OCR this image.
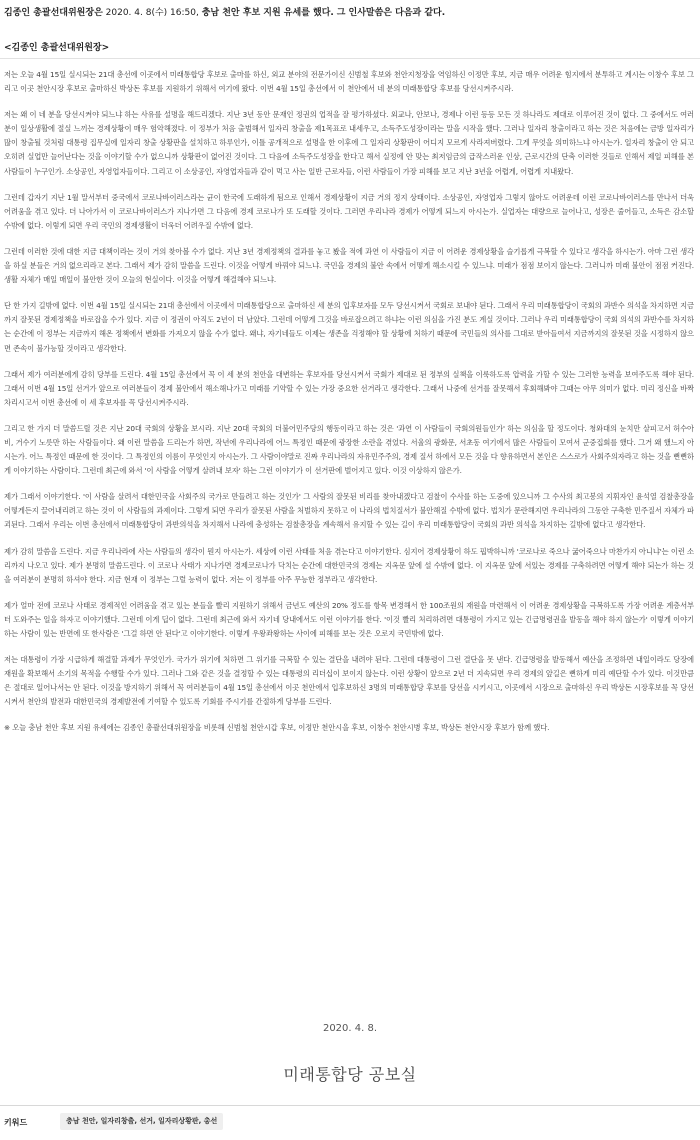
김종인 총괄선대위원장은 2020. 4. 8(수) 16:50, 충남 천안 후보 지원 유세를 했다. 그 인사말씀은 다음과 같다.
<김종인 총괄선대위원장>

저는 오늘 4월 15일 실시되는 21대 총선에 이곳에서 미래통합당 후보로 출마를 하신, 외교 분야의 전문가이신 신범철 후보와 천안지청장을 역임하신 이정만 후보, 지금 매우 어려운 힘지에서 분투하고 계시는 이창수 후보 그리고 이곳 천안시장 후보로 출마하신 박상돈 후보를 지원하기 위해서 여기에 왔다. 이번 4월 15일 총선에서 이 천안에서 네 분의 미래통합당 후보를 당선시켜주시라.

저는 왜 이 네 분을 당선시켜야 되느냐 하는 사유를 설명을 해드리겠다. 지난 3년 동안 문재인 정권의 업적을 잘 평가하셨다. 외교나, 안보나, 경제나 이런 등등 모든 것 하나라도 제대로 이루어진 것이 없다. 그 중에서도 여러분이 일상생활에 절실 느끼는 경제상황이 매우 험악해졌다. 이 정부가 처음 출범해서 일자리 창출을 제1목표로 내세우고, 소득주도성장이라는 말을 시작을 했다. 그러나 일자리 창출이라고 하는 것은 처음에는 금방 일자리가 많이 창출될 것처럼 대통령 집무실에 일자리 창출 상황판을 설치하고 하루인가, 이틀 공개적으로 설명을 한 이후에 그 일자리 상황판이 어디지 모르게 사라져버렸다. 그게 무엇을 의미하느냐 아시는가. 일자리 창출이 안 되고 오히려 실업만 늘어난다는 것을 이야기할 수가 없으니까 상황판이 없어진 것이다. 그 다음에 소득주도성장을 한다고 해서 실정에 안 맞는 최저임금의 급작스러운 인상, 근로시간의 단축 이러한 것들로 인해서 제일 피해를 본 사람들이 누구인가. 소상공인, 자영업자들이다. 그리고 이 소상공인, 자영업자들과 같이 먹고 사는 일반 근로자들, 이런 사람들이 가장 피해를 보고 지난 3년을 어렵게, 어렵게 지내왔다.

그런데 갑자기 지난 1월 말서부터 중국에서 코로나바이러스라는 균이 한국에 도래하게 됨으로 인해서 경제상황이 지금 거의 정지 상태이다. 소상공인, 자영업자 그렇지 않아도 어려운데 이런 코로나바이러스를 만나서 더욱 어려움을 겪고 있다. 더 나아가서 이 코로나바이러스가 지나가면 그 다음에 경제 코로나가 또 도래할 것이다. 그러면 우리나라 경제가 어떻게 되느지 아시는가. 실업자는 대량으로 늘어나고, 성장은 줄어들고, 소득은 감소할 수밖에 없다. 이렇게 되면 우리 국민의 경제생활이 더욱더 어려우질 수밖에 없다.

그런데 이러한 것에 대한 지금 대책이라는 것이 거의 찾아볼 수가 없다. 지난 3년 경제정책의 결과를 놓고 봤을 적에 과연 이 사람들이 지금 이 어려운 경제상황을 슬기롭게 극복할 수 있다고 생각을 하시는가. 아마 그런 생각을 하실 분들은 거의 없으리라고 본다. 그래서 제가 감히 말씀을 드린다. 이것을 어떻게 바꿔야 되느냐. 국민을 경제의 불안 속에서 어떻게 해소시킬 수 있느냐. 미래가 점점 보이지 않는다. 그러니까 미래 불안이 점점 커진다. 생활 자체가 매일 매일이 불안한 것이 오늘의 현실이다. 이것을 어떻게 해결해야 되느냐.

단 한 가지 길밖에 없다. 이번 4월 15일 실시되는 21대 총선에서 이곳에서 미래통합당으로 출마하신 세 분의 입후보자를 모두 당선시켜서 국회로 보내야 된다. 그래서 우리 미래통합당이 국회의 과반수 의석을 차지하면 지금까지 잘못된 경제정책을 바로잡을 수가 있다. 지금 이 정권이 아직도 2년이 더 남았다. 그런데 어떻게 그것을 바로잡으려고 하냐는 이런 의심을 가진 분도 계실 것이다. 그러나 우리 미래통합당이 국회 의석의 과반수를 차지하는 순간에 이 정부는 지금까지 해온 정책에서 변화를 가져오지 않을 수가 없다. 왜냐, 자기네들도 이제는 생존을 걱정해야 할 상황에 처하기 때문에 국민들의 의사를 그대로 받아들여서 지금까지의 잘못된 것을 시정하지 않으면 존속이 불가능할 것이라고 생각한다.

그래서 제가 여러분에게 감히 당부를 드린다. 4월 15일 총선에서 꼭 이 세 분의 천안을 대변하는 후보자를 당선시켜서 국회가 제대로 된 정부의 실책을 이룩하도록 압력을 가할 수 있는 그러한 능력을 보여주도록 해야 된다. 그래서 이번 4월 15일 선거가 앞으로 여러분들이 경제 불안에서 해소해나가고 미래를 기약할 수 있는 가장 중요한 선거라고 생각한다. 그래서 나중에 선거를 잘못해서 후회해봐야 그때는 아무 의미가 없다. 미리 정신을 바짝 차리시고서 이번 총선에 이 세 후보자를 꼭 당선시켜주시라.

그리고 한 가지 더 말씀드릴 것은 지난 20대 국회의 상황을 보시라. 지난 20대 국회의 더불어민주당의 행동이라고 하는 것은 '과연 이 사람들이 국회의원들인가' 하는 의심을 할 정도이다. 청와대의 눈치만 살피고서 허수아비, 거수기 노릇만 하는 사람들이다. 왜 이런 말씀을 드리는가 하면, 작년에 우리나라에 어느 특정인 때문에 광장한 소란을 겪었다. 서울의 광화문, 서초동 여기에서 많은 사람들이 모여서 군중집회를 했다. 그거 왜 했느지 아시는가. 어느 특정인 때문에 한 것이다. 그 특정인의 이름이 무엇인지 아시는가. 그 사람이야말로 진짜 우리나라의 자유민주주의, 경제 질서 하에서 모든 것을 다 향유하면서 본인은 스스로가 사회주의자라고 하는 것을 뻔뻔하게 이야기하는 사람이다. 그런데 최근에 와서 '이 사람을 어떻게 살려내 보자' 하는 그런 이야기가 이 선거판에 벌어지고 있다. 이것 이상하지 않은가.

제가 그래서 이야기한다. '이 사람을 살려서 대한민국을 사회주의 국가로 만들려고 하는 것인가' 그 사람의 잘못된 비리를 찾아내겠다고 검찰이 수사를 하는 도중에 있으니까 그 수사의 최고봉의 지휘자인 윤석열 검찰총장을 어떻게든지 끌어내리려고 하는 것이 이 사람들의 과제이다. 그렇게 되면 우리가 잘못된 사람을 처벌하지 못하고 이 나라의 법치질서가 불안해질 수밖에 없다. 법치가 문란해지면 우리나라의 그동안 구축한 민주질서 자체가 파괴된다. 그래서 우리는 이번 총선에서 미래통합당이 과반의석을 차지해서 나라에 충성하는 검찰총장을 계속해서 유지할 수 있는 길이 우리 미래통합당이 국회의 과반 의석을 차지하는 길밖에 없다고 생각한다.

제가 감히 말씀을 드린다. 지금 우리나라에 사는 사람들의 생각이 뭔지 아시는가. 세상에 이런 사태를 처음 겪는다고 이야기한다. 심지어 경제상황이 하도 핍박하니까 '코로나로 죽으나 굶어죽으나 마찬가지 아니냐'는 이런 소리까지 나오고 있다. 제가 분명히 말씀드린다. 이 코로나 사태가 지나가면 경제코로나가 닥치는 순간에 대한민국의 경제는 지옥문 앞에 설 수밖에 없다. 이 지옥문 앞에 서있는 경제를 구축하려면 어떻게 해야 되는가 하는 것을 여러분이 분명히 하셔야 한다. 지금 현재 이 정부는 그럴 능력이 없다. 저는 이 정부를 아주 무능한 정부라고 생각한다.

제가 얼마 전에 코로나 사태로 경제적인 어려움을 겪고 있는 분들을 빨리 지원하기 위해서 금년도 예산의 20% 정도를 항목 변경해서 한 100조원의 재원을 마련해서 이 어려운 경제상황을 극복하도록 가장 어려운 계층서부터 도와주는 일을 하자고 이야기했다. 그런데 이게 딥이 없다. 그런데 최근에 와서 자기네 당내에서도 이런 이야기를 한다. '이것 빨리 처리하려면 대통령이 가지고 있는 긴급명령권을 발동을 해야 하지 않는가' 이렇게 이야기하는 사람이 있는 반면에 또 한사람은 '그걸 하면 안 된다'고 이야기한다. 이렇게 우왕좌왕하는 사이에 피해를 보는 것은 오로지 국민밖에 없다.

저는 대통령이 가장 시급하게 해결할 과제가 무엇인가. 국가가 위기에 처하면 그 위기를 극복할 수 있는 결단을 내려야 된다. 그런데 대통령이 그런 결단을 못 낸다. 긴급명령을 발동해서 예산을 조정하면 내일이라도 당장에 재원을 확보해서 소기의 목적을 수행할 수가 있다. 그러나 그와 같은 것을 결정할 수 있는 대통령의 리더십이 보이지 않는다. 이런 상황이 앞으로 2년 더 지속되면 우리 경제의 앞길은 뻔하게 미리 예단할 수가 있다. 이것만큼은 절대로 일어나서는 안 된다. 이것을 방지하기 위해서 꼭 여러분들이 4월 15일 총선에서 이곳 천안에서 입후보하신 3명의 미래통합당 후보를 당선을 시키시고, 이곳에서 시장으로 출마하신 우리 박상돈 시장후보를 꼭 당선시켜서 천안의 발전과 대한민국의 경제발전에 기여할 수 있도록 기회를 주시기를 간절하게 당부를 드린다.

※ 오늘 충남 천안 후보 지원 유세에는 김종인 총괄선대위원장을 비롯해 신범철 천안시갑 후보, 이정만 천안시을 후보, 이창수 천안시병 후보, 박상돈 천안시장 후보가 함께 했다.

2020. 4. 8.
미래통합당 공보실
키워드	충남 천안, 일자리창출, 선거, 일자리상황판, 총선
